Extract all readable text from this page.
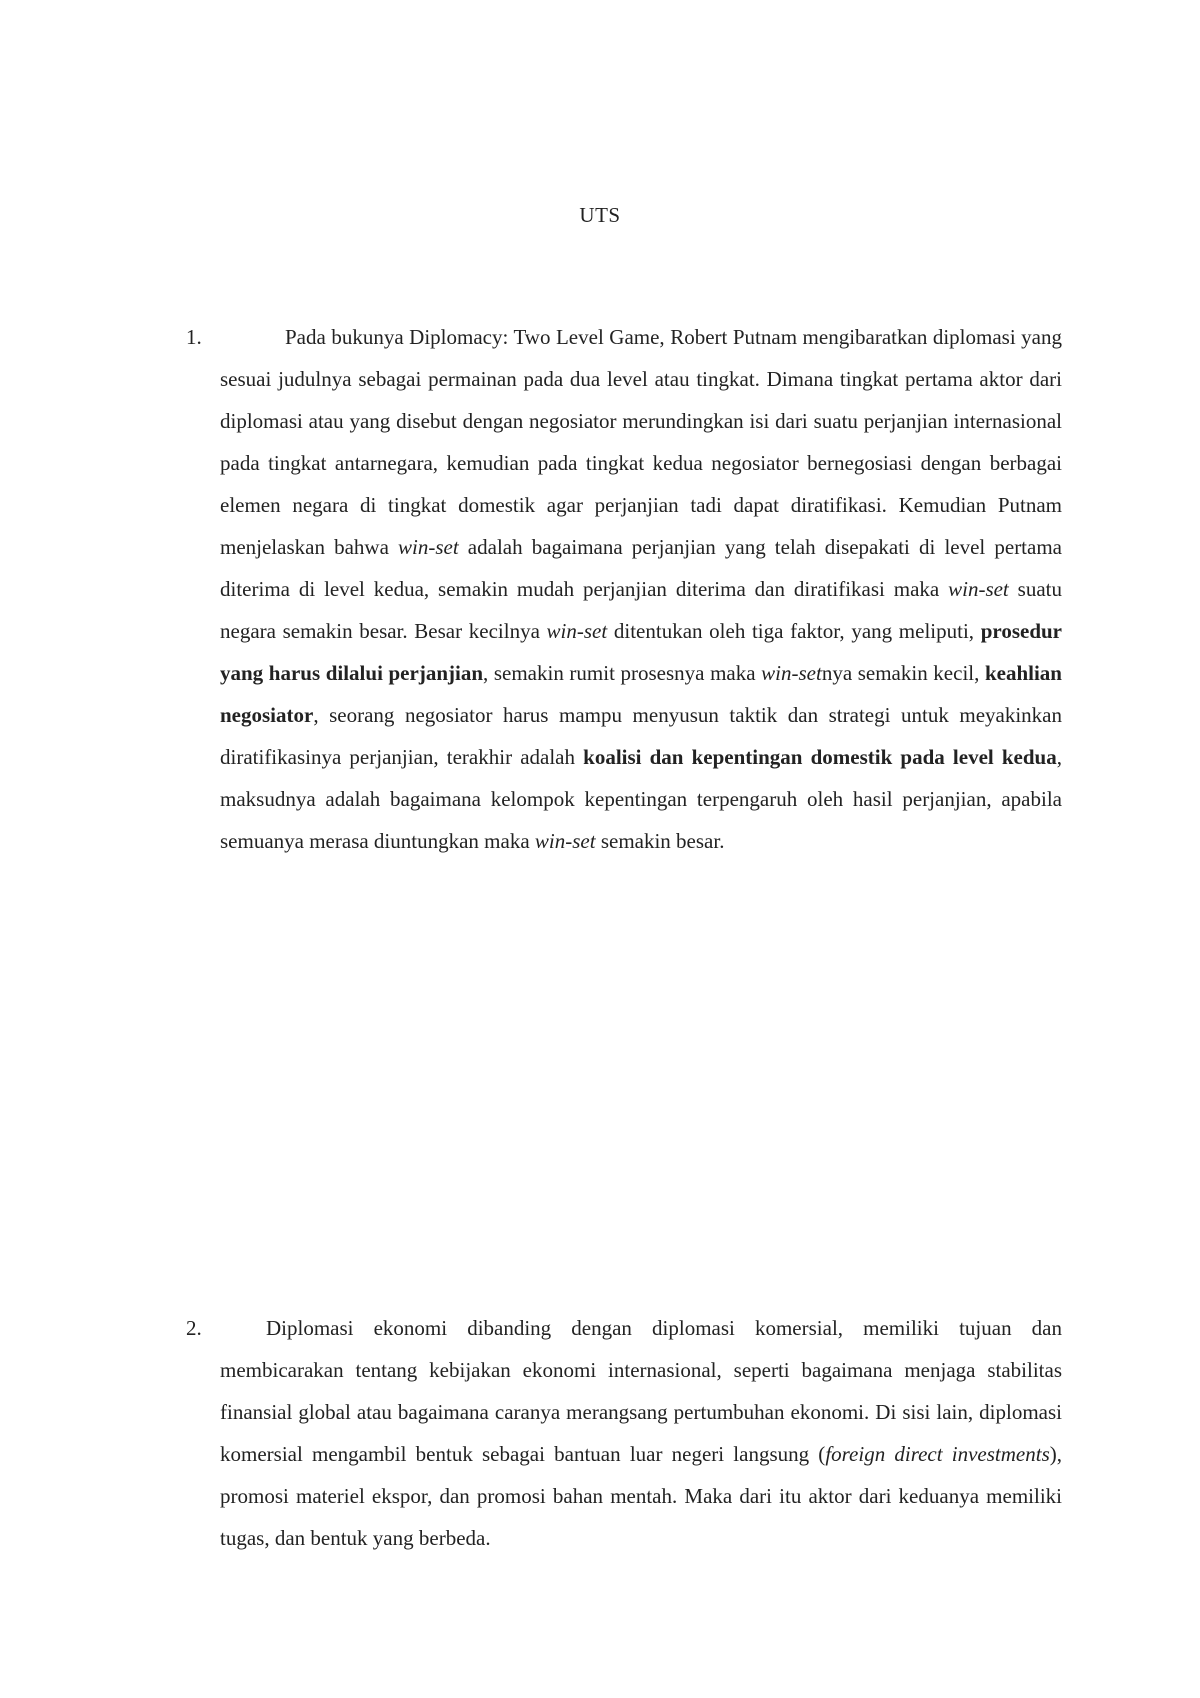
UTS
1.	Pada bukunya Diplomacy: Two Level Game, Robert Putnam mengibaratkan diplomasi yang sesuai judulnya sebagai permainan pada dua level atau tingkat. Dimana tingkat pertama aktor dari diplomasi atau yang disebut dengan negosiator merundingkan isi dari suatu perjanjian internasional pada tingkat antarnegara, kemudian pada tingkat kedua negosiator bernegosiasi dengan berbagai elemen negara di tingkat domestik agar perjanjian tadi dapat diratifikasi. Kemudian Putnam menjelaskan bahwa win-set adalah bagaimana perjanjian yang telah disepakati di level pertama diterima di level kedua, semakin mudah perjanjian diterima dan diratifikasi maka win-set suatu negara semakin besar. Besar kecilnya win-set ditentukan oleh tiga faktor, yang meliputi, prosedur yang harus dilalui perjanjian, semakin rumit prosesnya maka win-setnya semakin kecil, keahlian negosiator, seorang negosiator harus mampu menyusun taktik dan strategi untuk meyakinkan diratifikasinya perjanjian, terakhir adalah koalisi dan kepentingan domestik pada level kedua, maksudnya adalah bagaimana kelompok kepentingan terpengaruh oleh hasil perjanjian, apabila semuanya merasa diuntungkan maka win-set semakin besar.

2.	Diplomasi ekonomi dibanding dengan diplomasi komersial, memiliki tujuan dan membicarakan tentang kebijakan ekonomi internasional, seperti bagaimana menjaga stabilitas finansial global atau bagaimana caranya merangsang pertumbuhan ekonomi. Di sisi lain, diplomasi komersial mengambil bentuk sebagai bantuan luar negeri langsung (foreign direct investments), promosi materiel ekspor, dan promosi bahan mentah. Maka dari itu aktor dari keduanya memiliki tugas, dan bentuk yang berbeda.
